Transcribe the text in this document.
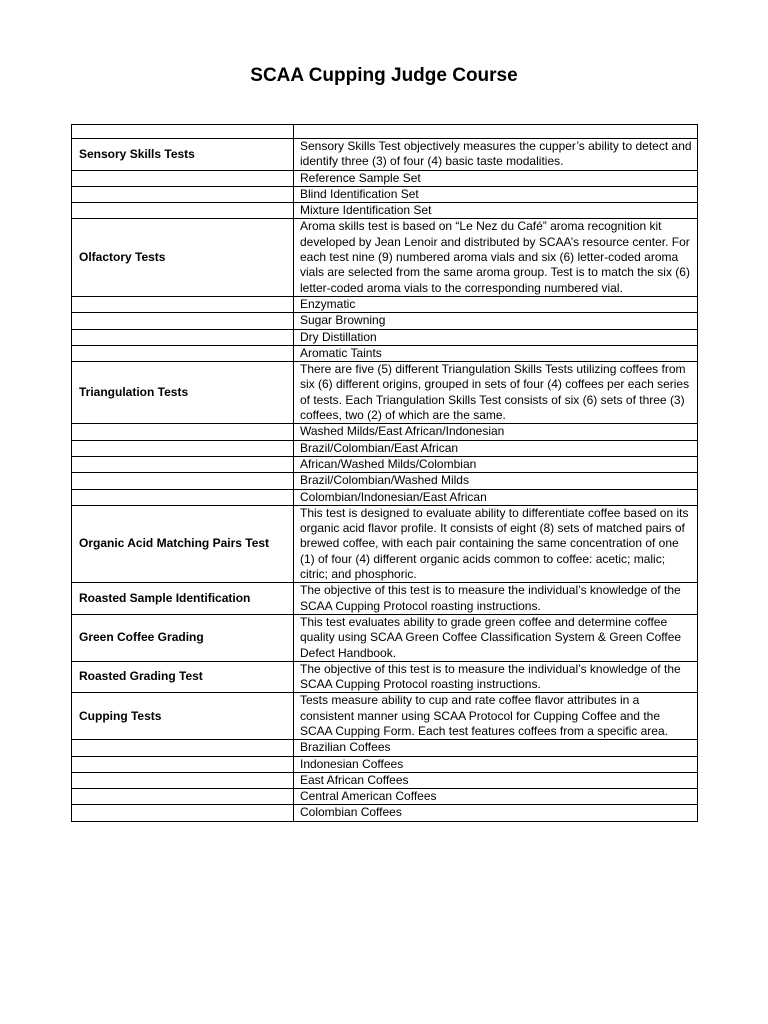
SCAA Cupping Judge Course

Sensory Skills Tests	Sensory Skills Test objectively measures the cupper’s ability to detect and identify three (3) of four (4) basic taste modalities.
	Reference Sample Set
	Blind Identification Set
	Mixture Identification Set
Olfactory Tests	Aroma skills test is based on “Le Nez du Café” aroma recognition kit developed by Jean Lenoir and distributed by SCAA’s resource center. For each test nine (9) numbered aroma vials and six (6) letter-coded aroma vials are selected from the same aroma group. Test is to match the six (6) letter-coded aroma vials to the corresponding numbered vial.
	Enzymatic
	Sugar Browning
	Dry Distillation
	Aromatic Taints
Triangulation Tests	There are five (5) different Triangulation Skills Tests utilizing coffees from six (6) different origins, grouped in sets of four (4) coffees per each series of tests. Each Triangulation Skills Test consists of six (6) sets of three (3) coffees, two (2) of which are the same.
	Washed Milds/East African/Indonesian
	Brazil/Colombian/East African
	African/Washed Milds/Colombian
	Brazil/Colombian/Washed Milds
	Colombian/Indonesian/East African
Organic Acid Matching Pairs Test	This test is designed to evaluate ability to differentiate coffee based on its organic acid flavor profile. It consists of eight (8) sets of matched pairs of brewed coffee, with each pair containing the same concentration of one (1) of four (4) different organic acids common to coffee: acetic; malic; citric; and phosphoric.
Roasted Sample Identification	The objective of this test is to measure the individual’s knowledge of the SCAA Cupping Protocol roasting instructions.
Green Coffee Grading	This test evaluates ability to grade green coffee and determine coffee quality using SCAA Green Coffee Classification System & Green Coffee Defect Handbook.
Roasted Grading Test	The objective of this test is to measure the individual’s knowledge of the SCAA Cupping Protocol roasting instructions.
Cupping Tests	Tests measure ability to cup and rate coffee flavor attributes in a consistent manner using SCAA Protocol for Cupping Coffee and the SCAA Cupping Form. Each test features coffees from a specific area.
	Brazilian Coffees
	Indonesian Coffees
	East African Coffees
	Central American Coffees
	Colombian Coffees
